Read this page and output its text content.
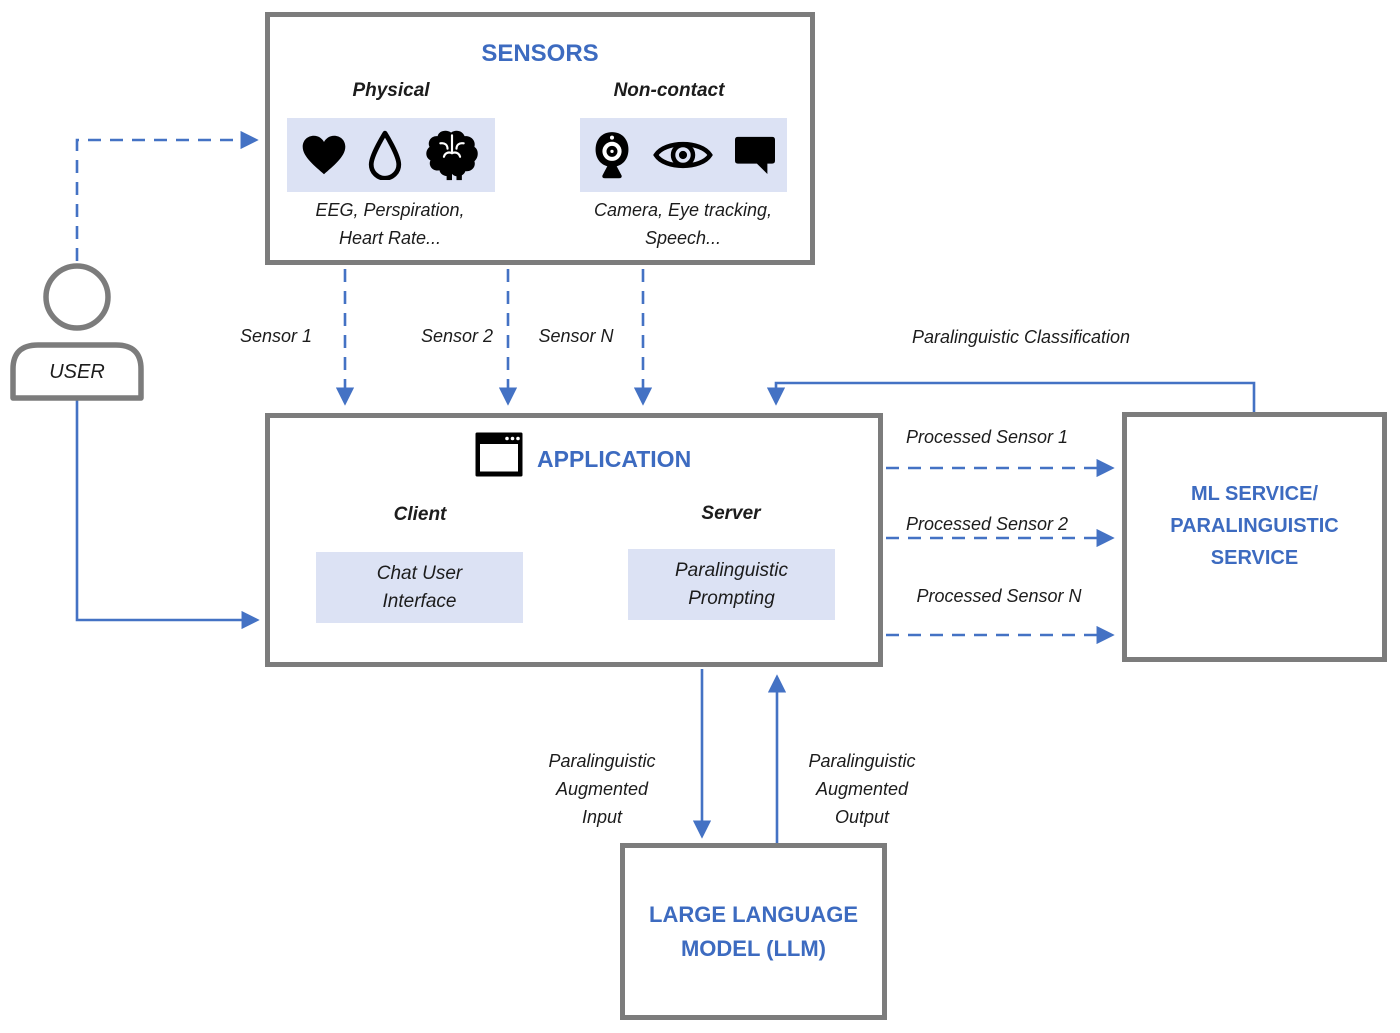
SENSORS
Physical
EEG, Perspiration,
Heart Rate...
Non-contact
Camera, Eye tracking,
Speech...
USER
Sensor 1	Sensor 2	Sensor N	Paralinguistic Classification
APPLICATION
Client
Chat User
Interface
Server
Paralinguistic
Prompting
Processed Sensor 1
Processed Sensor 2
Processed Sensor N
ML SERVICE/
PARALINGUISTIC
SERVICE
Paralinguistic
Augmented
Input
Paralinguistic
Augmented
Output
LARGE LANGUAGE
MODEL (LLM)
